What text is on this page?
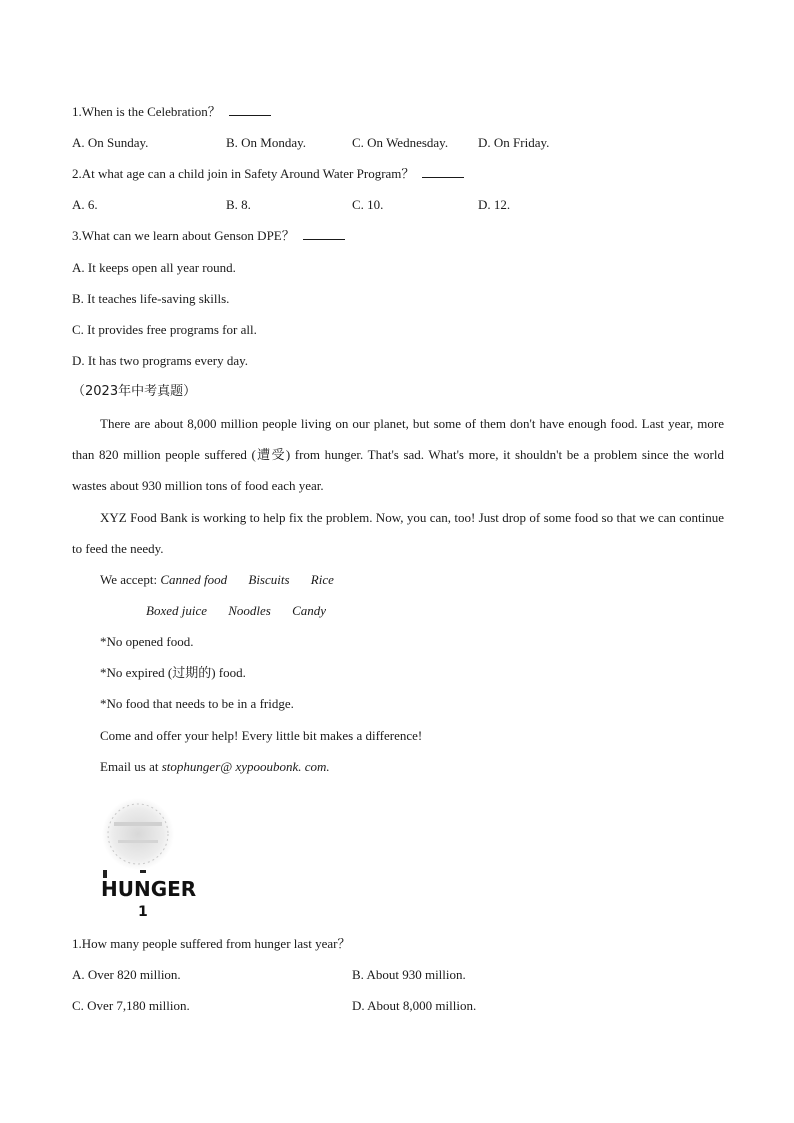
1.When is the Celebration？
A. On Sunday.	B. On Monday.	C. On Wednesday. D. On Friday.
2.At what age can a child join in Safety Around Water Program？
A. 6.	B. 8.	C. 10.	D. 12.
3.What can we learn about Genson DPE？
A. It keeps open all year round.
B. It teaches life-saving skills.
C. It provides free programs for all.
D. It has two programs every day.
（2023年中考真题）
There are about 8,000 million people living on our planet, but some of them don't have enough food. Last year, more than 820 million people suffered (遭受) from hunger. That's sad. What's more, it shouldn't be a problem since the world wastes about 930 million tons of food each year.
XYZ Food Bank is working to help fix the problem. Now, you can, too! Just drop of some food so that we can continue to feed the needy.
We accept: Canned food Biscuits Rice
Boxed juice Noodles Candy
*No opened food.
*No expired (过期的) food.
*No food that needs to be in a fridge.
Come and offer your help! Every little bit makes a difference!
Email us at stophunger@ xypooubonk. com.
HUNGER
1
1.How many people suffered from hunger last year？
A. Over 820 million.	B. About 930 million.
C. Over 7,180 million.	D. About 8,000 million.
